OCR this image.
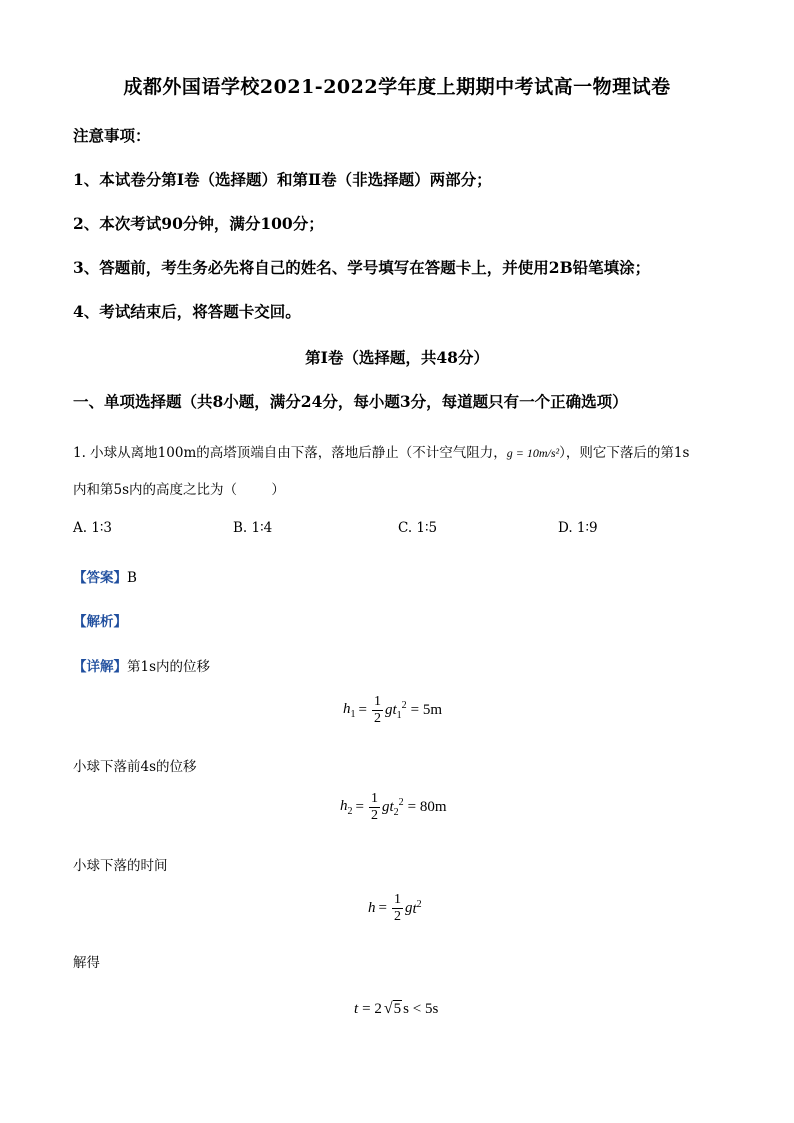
成都外国语学校2021-2022学年度上期期中考试高一物理试卷
注意事项：
1、本试卷分第Ⅰ卷（选择题）和第Ⅱ卷（非选择题）两部分；
2、本次考试90分钟，满分100分；
3、答题前，考生务必先将自己的姓名、学号填写在答题卡上，并使用2B铅笔填涂；
4、考试结束后，将答题卡交回。
第Ⅰ卷（选择题，共48分）
一、单项选择题（共8小题，满分24分，每小题3分，每道题只有一个正确选项）
1. 小球从离地100m的高塔顶端自由下落，落地后静止（不计空气阻力，g = 10m/s²），则它下落后的第1s
内和第5s内的高度之比为（        ）
A. 1∶3	B. 1∶4	C. 1∶5	D. 1∶9
【答案】B
【解析】
【详解】第1s内的位移
$h_1 = \frac{1}{2}$ g $t_1^2 = 5m$
小球下落前4s的位移
$h_2 = \frac{1}{2}$ g $t_2^2 = 80m$
小球下落的时间
$h = \frac{1}{2}$ g $t^2$
解得
t = 2 √ 5 s < 5s
